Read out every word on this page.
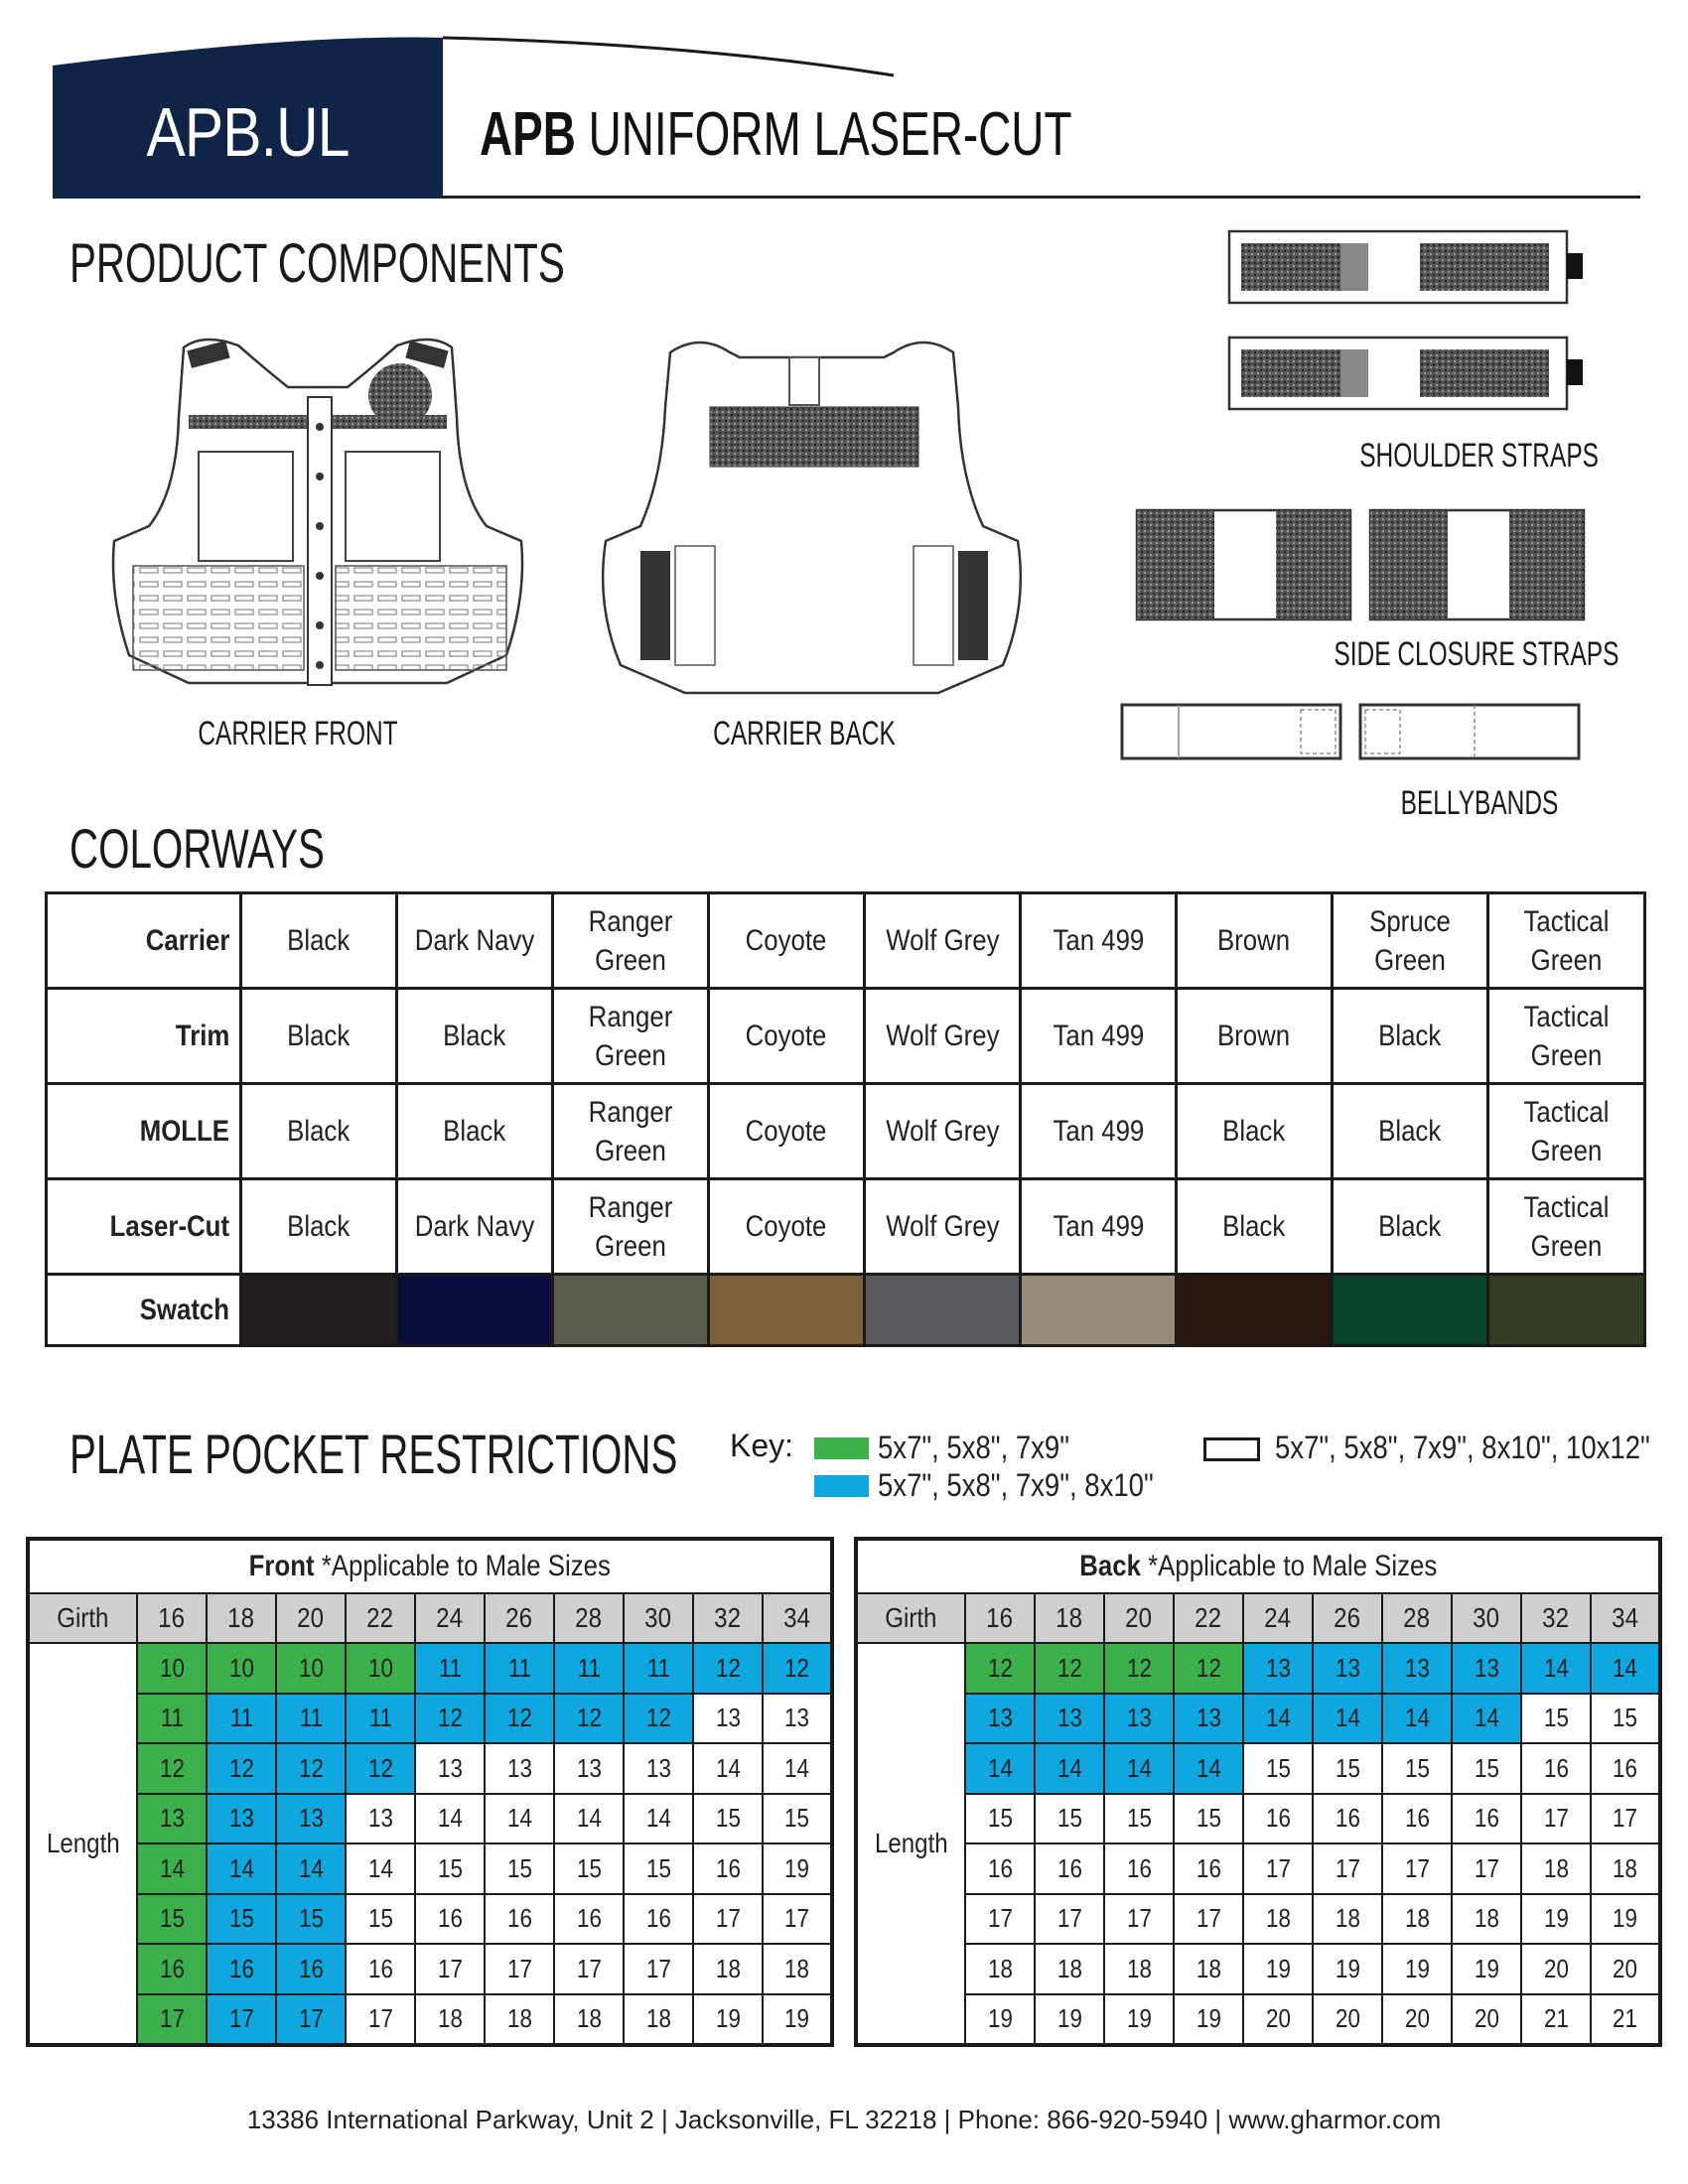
APB.UL APB UNIFORM LASER-CUT
PRODUCT COMPONENTS
CARRIER FRONT	CARRIER BACK
SHOULDER STRAPS
SIDE CLOSURE STRAPS
BELLYBANDS
COLORWAYS
Carrier	Black	Dark Navy	Ranger Green	Coyote	Wolf Grey	Tan 499	Brown	Spruce Green	Tactical Green
Trim	Black	Black	Ranger Green	Coyote	Wolf Grey	Tan 499	Brown	Black	Tactical Green
MOLLE	Black	Black	Ranger Green	Coyote	Wolf Grey	Tan 499	Black	Black	Tactical Green
Laser-Cut	Black	Dark Navy	Ranger Green	Coyote	Wolf Grey	Tan 499	Black	Black	Tactical Green
Swatch									
PLATE POCKET RESTRICTIONS Key:	5x7", 5x8", 7x9"
5x7", 5x8", 7x9", 8x10"
5x7", 5x8", 7x9", 8x10", 10x12"
Front *Applicable to Male Sizes										
Girth	16	18	20	22	24	26	28	30	32	34
Length	10	10	10	10	11	11	11	11	12	12
	11	11	11	11	12	12	12	12	13	13
	12	12	12	12	13	13	13	13	14	14
	13	13	13	13	14	14	14	14	15	15
	14	14	14	14	15	15	15	15	16	19
	15	15	15	15	16	16	16	16	17	17
	16	16	16	16	17	17	17	17	18	18
	17	17	17	17	18	18	18	18	19	19
Back *Applicable to Male Sizes										
Girth	16	18	20	22	24	26	28	30	32	34
Length	12	12	12	12	13	13	13	13	14	14
	13	13	13	13	14	14	14	14	15	15
	14	14	14	14	15	15	15	15	16	16
	15	15	15	15	16	16	16	16	17	17
	16	16	16	16	17	17	17	17	18	18
	17	17	17	17	18	18	18	18	19	19
	18	18	18	18	19	19	19	19	20	20
	19	19	19	19	20	20	20	20	21	21
13386 International Parkway, Unit 2 | Jacksonville, FL 32218 | Phone: 866-920-5940 | www.gharmor.com
